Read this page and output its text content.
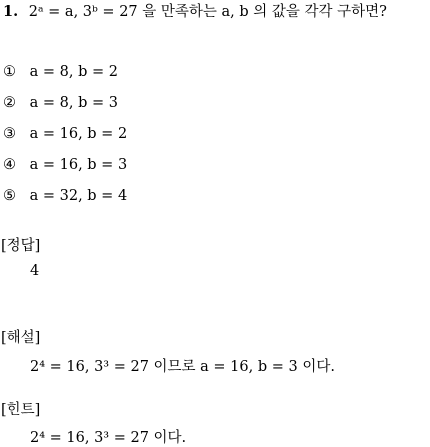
1. 2ᵃ = a, 3ᵇ = 27 을 만족하는 a, b 의 값을 각각 구하면?
① a = 8, b = 2
② a = 8, b = 3
③ a = 16, b = 2
④ a = 16, b = 3
⑤ a = 32, b = 4
[정답]
4
[해설]
2⁴ = 16, 3³ = 27 이므로 a = 16, b = 3 이다.
[힌트]
2⁴ = 16, 3³ = 27 이다.
